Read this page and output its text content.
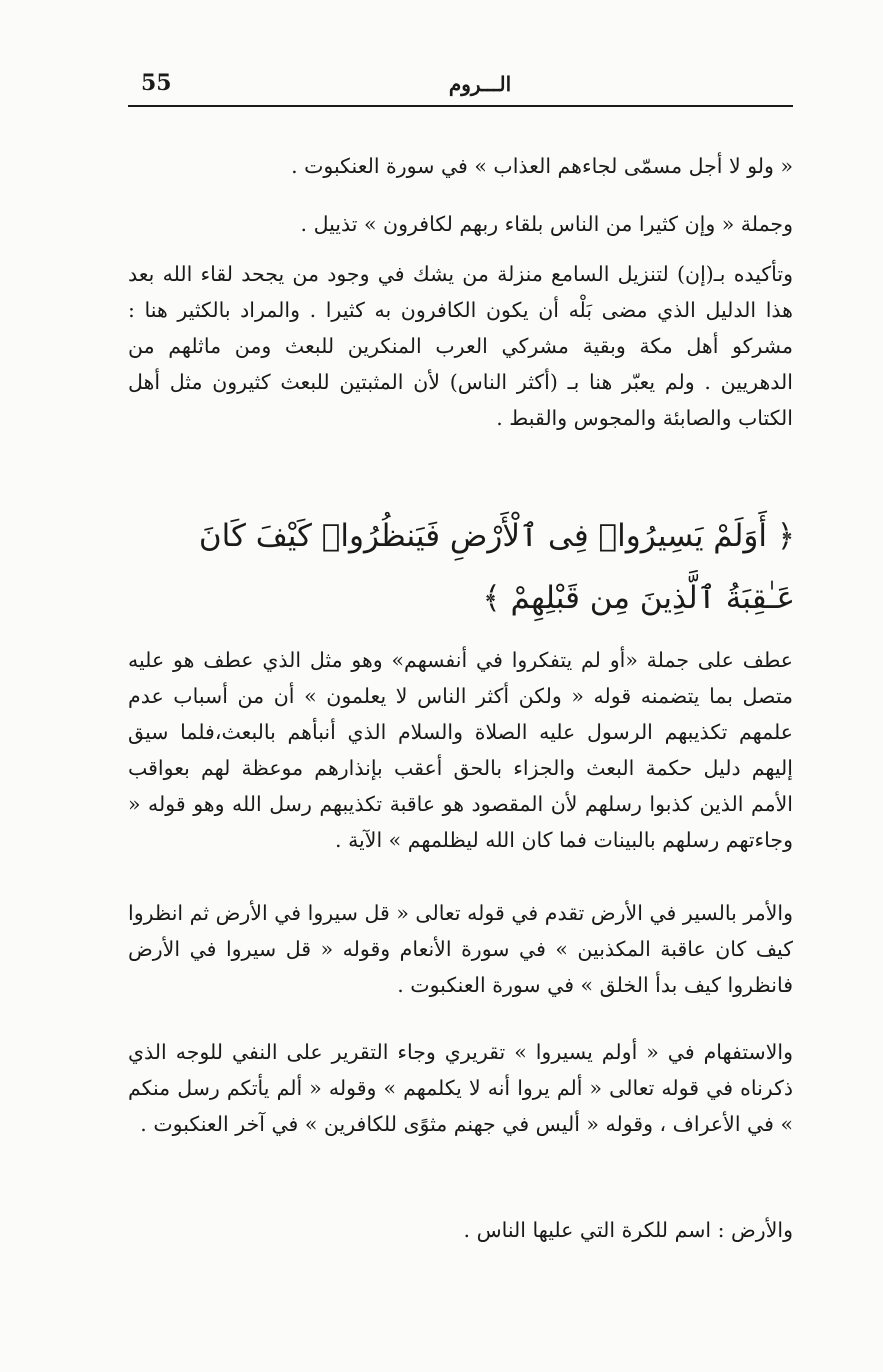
55	الـــروم

« ولو لا أجل مسمّى لجاءهم العذاب » في سورة العنكبوت .

وجملة « وإن كثيرا من الناس بلقاء ربهم لكافرون » تذييل .

وتأكيده بـ(إن) لتنزيل السامع منزلة من يشك في وجود من يجحد لقاء الله بعد هذا الدليل الذي مضى بَلْه أن يكون الكافرون به كثيرا . والمراد بالكثير هنا : مشركو أهل مكة وبقية مشركي العرب المنكرين للبعث ومن ماثلهم من الدهريين . ولم يعبّر هنا بـ (أكثر الناس) لأن المثبتين للبعث كثيرون مثل أهل الكتاب والصابئة والمجوس والقبط .

﴿ أَوَلَمْ يَسِيرُوا۟ فِى ٱلْأَرْضِ فَيَنظُرُوا۟ كَيْفَ كَانَ عَـٰقِبَةُ ٱلَّذِينَ مِن قَبْلِهِمْ ﴾

عطف على جملة «أو لم يتفكروا في أنفسهم» وهو مثل الذي عطف هو عليه متصل بما يتضمنه قوله « ولكن أكثر الناس لا يعلمون » أن من أسباب عدم علمهم تكذيبهم الرسول عليه الصلاة والسلام الذي أنبأهم بالبعث،فلما سيق إليهم دليل حكمة البعث والجزاء بالحق أعقب بإنذارهم موعظة لهم بعواقب الأمم الذين كذبوا رسلهم لأن المقصود هو عاقبة تكذيبهم رسل الله وهو قوله « وجاءتهم رسلهم بالبينات فما كان الله ليظلمهم » الآية .

والأمر بالسير في الأرض تقدم في قوله تعالى « قل سيروا في الأرض ثم انظروا كيف كان عاقبة المكذبين » في سورة الأنعام وقوله « قل سيروا في الأرض فانظروا كيف بدأ الخلق » في سورة العنكبوت .

والاستفهام في « أولم يسيروا » تقريري وجاء التقرير على النفي للوجه الذي ذكرناه في قوله تعالى « ألم يروا أنه لا يكلمهم » وقوله « ألم يأتكم رسل منكم » في الأعراف ، وقوله « أليس في جهنم مثوًى للكافرين » في آخر العنكبوت .

والأرض : اسم للكرة التي عليها الناس .
